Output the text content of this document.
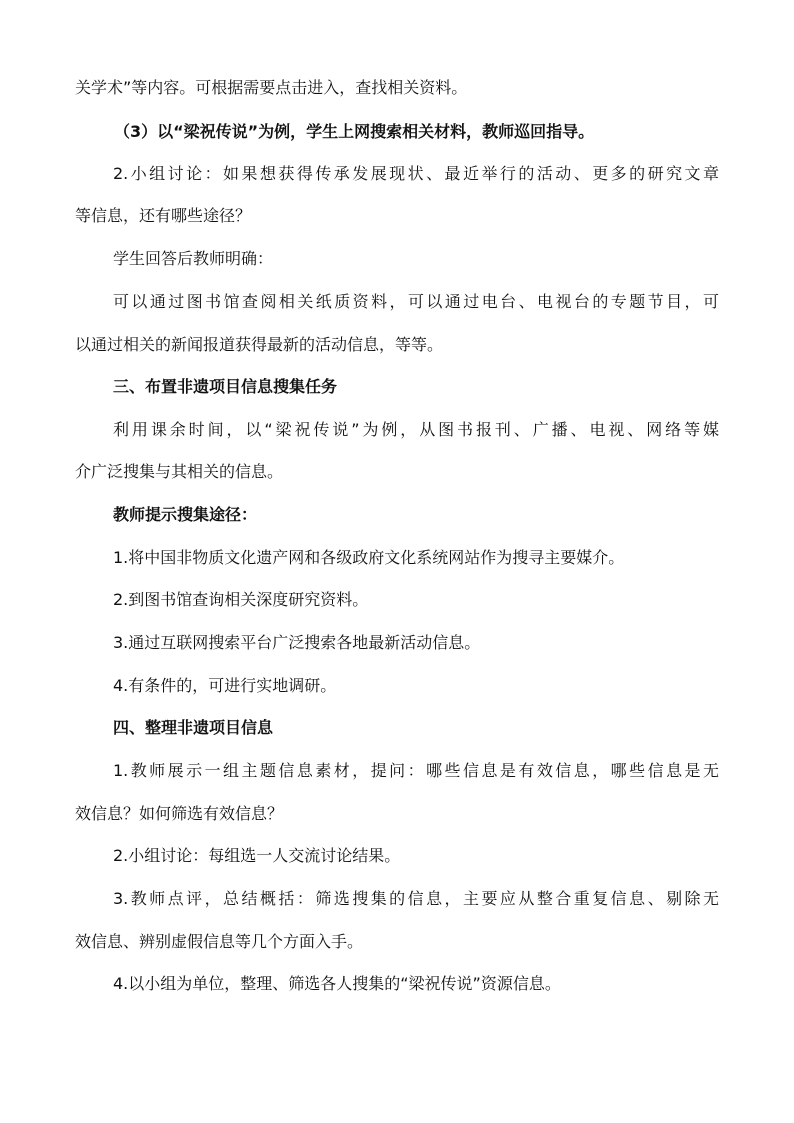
关学术”等内容。可根据需要点击进入，查找相关资料。

（3）以“梁祝传说”为例，学生上网搜索相关材料，教师巡回指导。

2.小组讨论：如果想获得传承发展现状、最近举行的活动、更多的研究文章

等信息，还有哪些途径？

学生回答后教师明确：

可以通过图书馆查阅相关纸质资料，可以通过电台、电视台的专题节目，可

以通过相关的新闻报道获得最新的活动信息，等等。

三、布置非遗项目信息搜集任务

利用课余时间，以“梁祝传说”为例，从图书报刊、广播、电视、网络等媒

介广泛搜集与其相关的信息。

教师提示搜集途径：

1.将中国非物质文化遗产网和各级政府文化系统网站作为搜寻主要媒介。

2.到图书馆查询相关深度研究资料。

3.通过互联网搜索平台广泛搜索各地最新活动信息。

4.有条件的，可进行实地调研。

四、整理非遗项目信息

1.教师展示一组主题信息素材，提问：哪些信息是有效信息，哪些信息是无

效信息？如何筛选有效信息？

2.小组讨论：每组选一人交流讨论结果。

3.教师点评，总结概括：筛选搜集的信息，主要应从整合重复信息、剔除无

效信息、辨别虚假信息等几个方面入手。

4.以小组为单位，整理、筛选各人搜集的“梁祝传说”资源信息。
